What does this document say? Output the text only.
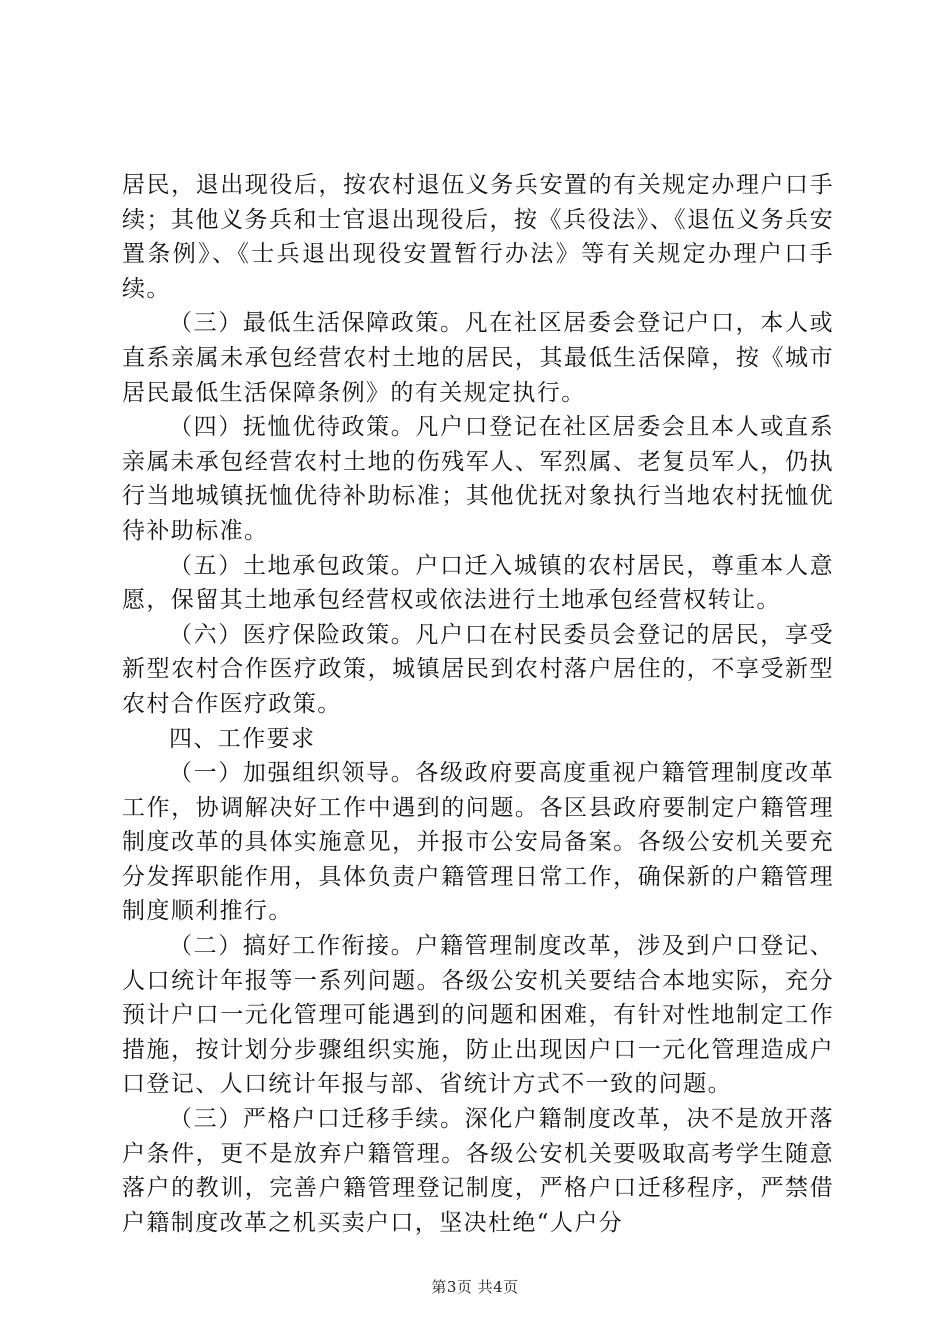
居民，退出现役后，按农村退伍义务兵安置的有关规定办理户口手续；其他义务兵和士官退出现役后，按《兵役法》、《退伍义务兵安置条例》、《士兵退出现役安置暂行办法》等有关规定办理户口手续。

（三）最低生活保障政策。凡在社区居委会登记户口，本人或直系亲属未承包经营农村土地的居民，其最低生活保障，按《城市居民最低生活保障条例》的有关规定执行。

（四）抚恤优待政策。凡户口登记在社区居委会且本人或直系亲属未承包经营农村土地的伤残军人、军烈属、老复员军人，仍执行当地城镇抚恤优待补助标准；其他优抚对象执行当地农村抚恤优待补助标准。

（五）土地承包政策。户口迁入城镇的农村居民，尊重本人意愿，保留其土地承包经营权或依法进行土地承包经营权转让。

（六）医疗保险政策。凡户口在村民委员会登记的居民，享受新型农村合作医疗政策，城镇居民到农村落户居住的，不享受新型农村合作医疗政策。

四、工作要求

（一）加强组织领导。各级政府要高度重视户籍管理制度改革工作，协调解决好工作中遇到的问题。各区县政府要制定户籍管理制度改革的具体实施意见，并报市公安局备案。各级公安机关要充分发挥职能作用，具体负责户籍管理日常工作，确保新的户籍管理制度顺利推行。

（二）搞好工作衔接。户籍管理制度改革，涉及到户口登记、人口统计年报等一系列问题。各级公安机关要结合本地实际，充分预计户口一元化管理可能遇到的问题和困难，有针对性地制定工作措施，按计划分步骤组织实施，防止出现因户口一元化管理造成户口登记、人口统计年报与部、省统计方式不一致的问题。

（三）严格户口迁移手续。深化户籍制度改革，决不是放开落户条件，更不是放弃户籍管理。各级公安机关要吸取高考学生随意落户的教训，完善户籍管理登记制度，严格户口迁移程序，严禁借户籍制度改革之机买卖户口，坚决杜绝“人户分

第3页 共4页
